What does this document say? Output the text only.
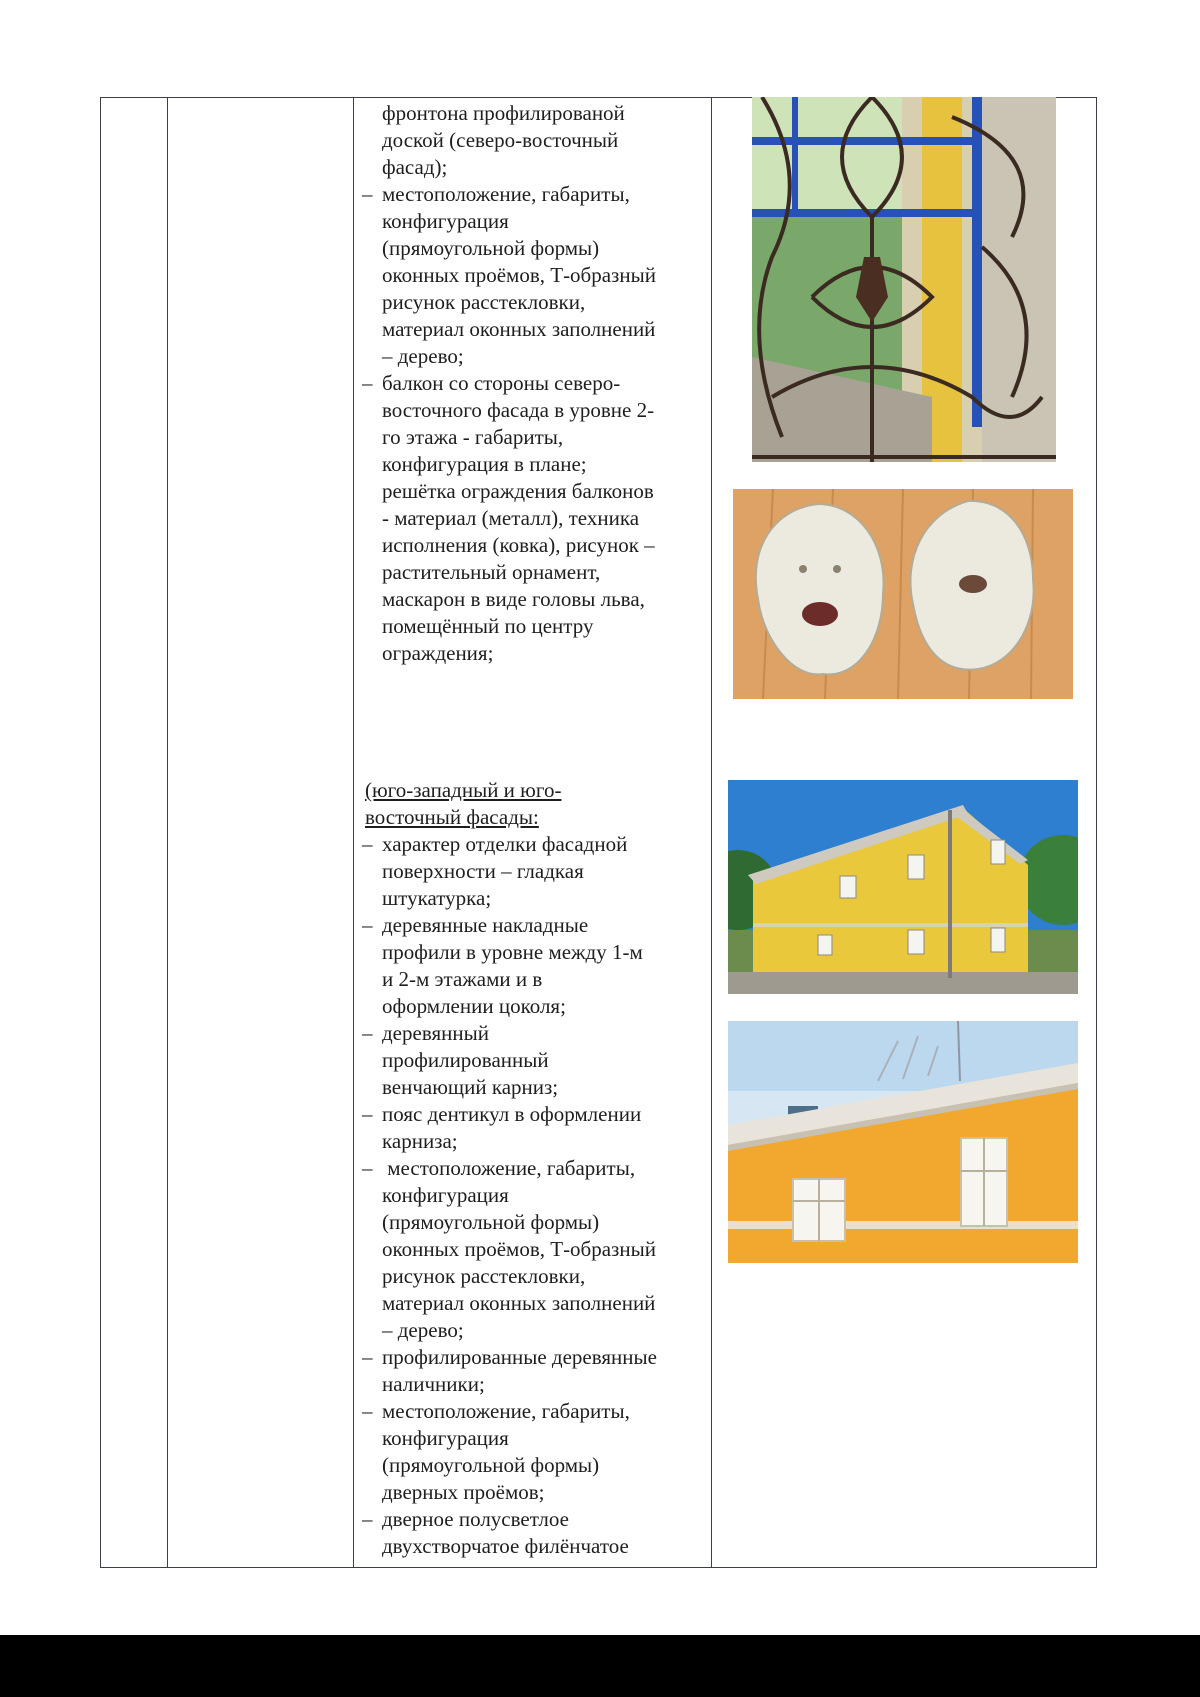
фронтона профилированой
доской (северо-восточный
фасад);
– местоположение, габариты,
конфигурация
(прямоугольной формы)
оконных проёмов, Т-образный
рисунок расстекловки,
материал оконных заполнений
– дерево;
– балкон со стороны северо-
восточного фасада в уровне 2-
го этажа - габариты,
конфигурация в плане;
решётка ограждения балконов
- материал (металл), техника
исполнения (ковка), рисунок –
растительный орнамент,
маскарон в виде головы льва,
помещённый по центру
ограждения;
(юго-западный и юго-
восточный фасады:
– характер отделки фасадной
поверхности – гладкая
штукатурка;
– деревянные накладные
профили в уровне между 1-м
и 2-м этажами и в
оформлении цоколя;
– деревянный
профилированный
венчающий карниз;
– пояс дентикул в оформлении
карниза;
–  местоположение, габариты,
конфигурация
(прямоугольной формы)
оконных проёмов, Т-образный
рисунок расстекловки,
материал оконных заполнений
– дерево;
– профилированные деревянные
наличники;
– местоположение, габариты,
конфигурация
(прямоугольной формы)
дверных проёмов;
– дверное полусветлое
двухстворчатое филёнчатое
